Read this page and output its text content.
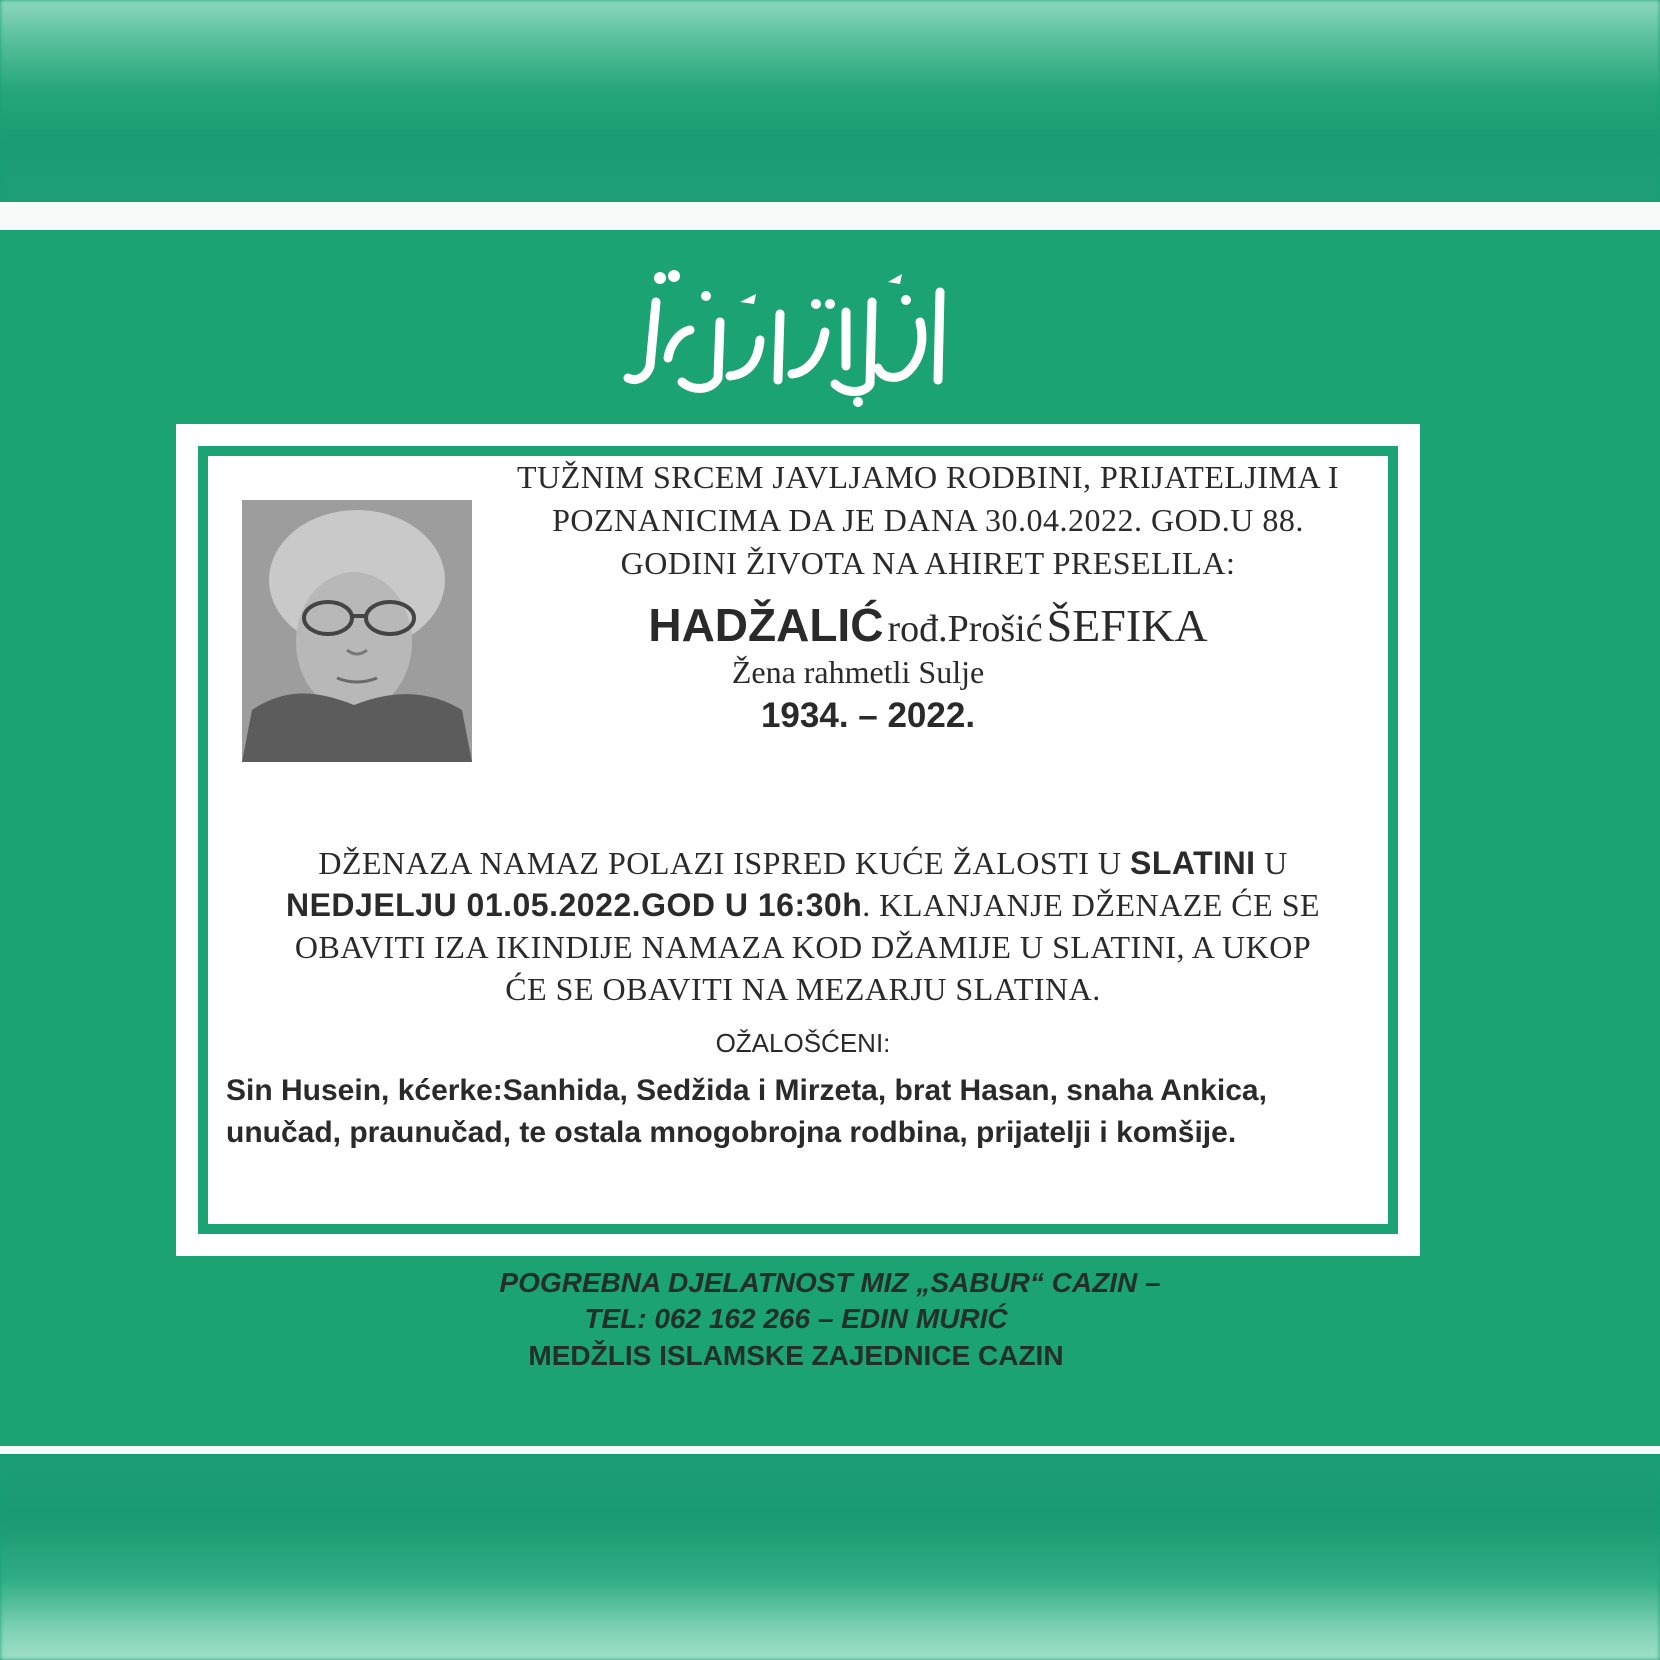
TUŽNIM SRCEM JAVLJAMO RODBINI, PRIJATELJIMA I
POZNANICIMA DA JE DANA 30.04.2022. GOD.U 88.
GODINI ŽIVOTA NA AHIRET PRESELILA:
HADŽALIĆ rođ.Prošić ŠEFIKA
Žena rahmetli Sulje
1934. – 2022.
DŽENAZA NAMAZ POLAZI ISPRED KUĆE ŽALOSTI U SLATINI U
NEDJELJU 01.05.2022.GOD U 16:30h. KLANJANJE DŽENAZE ĆE SE
OBAVITI IZA IKINDIJE NAMAZA KOD DŽAMIJE U SLATINI, A UKOP
ĆE SE OBAVITI NA MEZARJU SLATINA.
OŽALOŠĆENI:
Sin Husein, kćerke:Sanhida, Sedžida i Mirzeta, brat Hasan, snaha Ankica, unučad, praunučad, te ostala mnogobrojna rodbina, prijatelji i komšije.
POGREBNA DJELATNOST MIZ „SABUR“ CAZIN –
TEL: 062 162 266 – EDIN MURIĆ
MEDŽLIS ISLAMSKE ZAJEDNICE CAZIN
